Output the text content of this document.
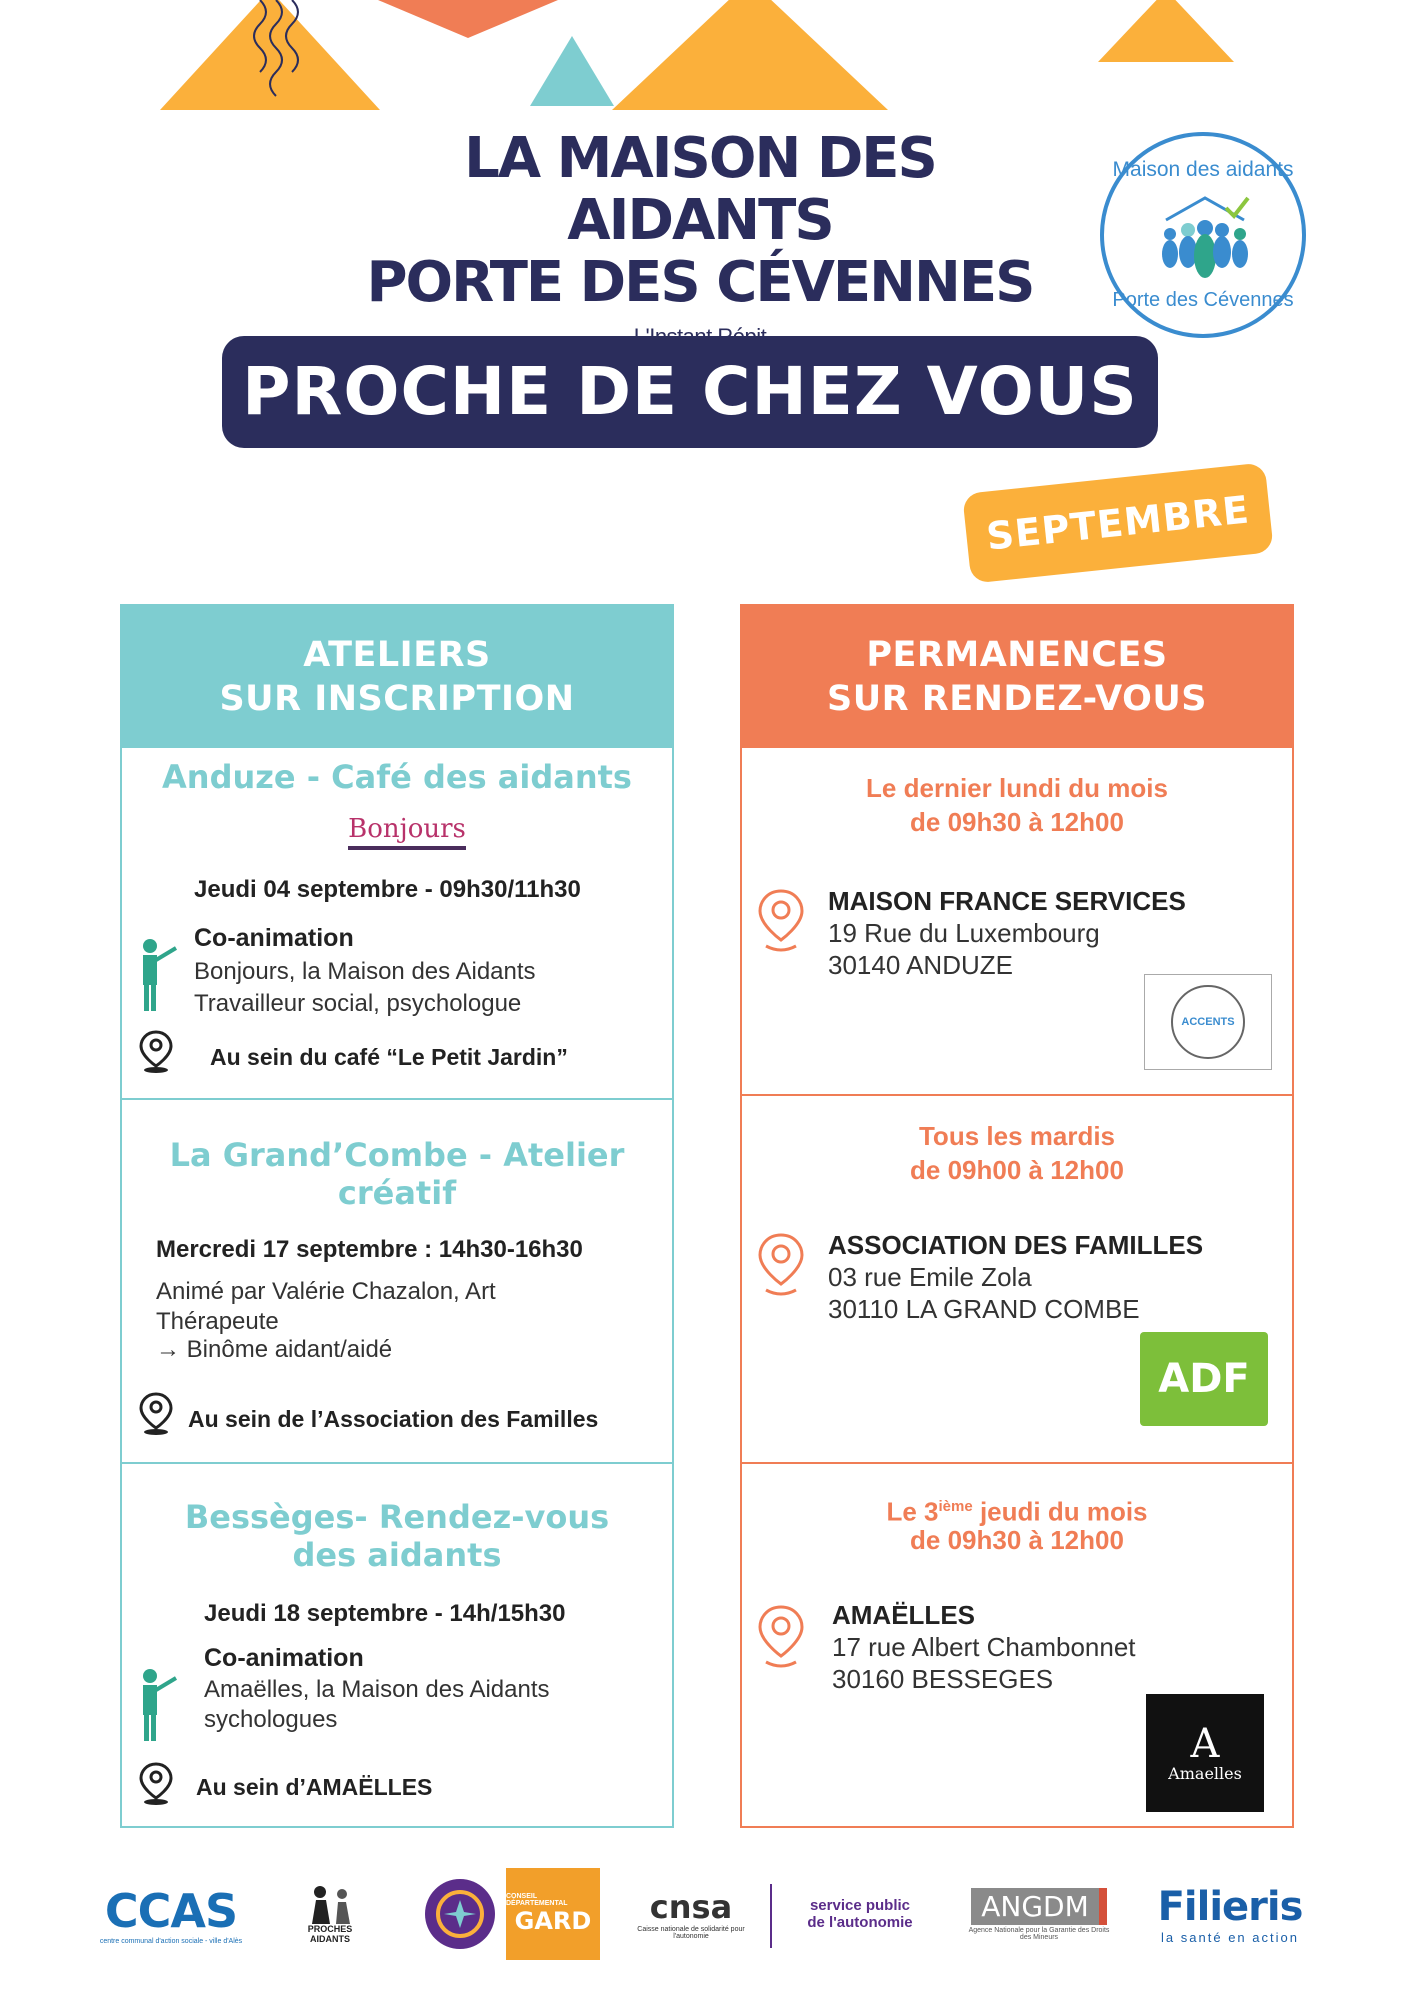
LA MAISON DES AIDANTS
PORTE DES CÉVENNES
Maison des aidants
Porte des Cévennes
PROCHE DE CHEZ VOUS
SEPTEMBRE
ATELIERS
SUR INSCRIPTION
Anduze - Café des aidants
Bonjours
Jeudi 04 septembre - 09h30/11h30
Co-animation
Bonjours, la Maison des Aidants
Travailleur social, psychologue
Au sein du café “Le Petit Jardin”
La Grand’Combe - Atelier
créatif
Mercredi 17 septembre : 14h30-16h30
Animé par Valérie Chazalon, Art
Thérapeute
→ Binôme aidant/aidé
Au sein de l’Association des Familles
Bessèges- Rendez-vous
des aidants
Jeudi 18 septembre - 14h/15h30
Co-animation
Amaëlles, la Maison des Aidants
sychologues
Au sein d’AMAËLLES
PERMANENCES
SUR RENDEZ-VOUS
Le dernier lundi du mois
de 09h30 à 12h00
MAISON FRANCE SERVICES
19 Rue du Luxembourg
30140 ANDUZE
ACCENTS
Tous les mardis
de 09h00 à 12h00
ASSOCIATION DES FAMILLES
03 rue Emile Zola
30110 LA GRAND COMBE
ADF
Le 3ième jeudi du mois
de 09h30 à 12h00
AMAËLLES
17 rue Albert Chambonnet
30160 BESSEGES
A
Amaelles
CCAS
centre communal d'action sociale - ville d'Alès
PROCHES AIDANTS
CONSEIL DÉPARTEMENTAL
GARD cnsa
Caisse nationale de solidarité pour l'autonomie
service public
de l'autonomie	ANGDM
Agence Nationale pour la Garantie des Droits des Mineurs
Filieris
la santé en action
